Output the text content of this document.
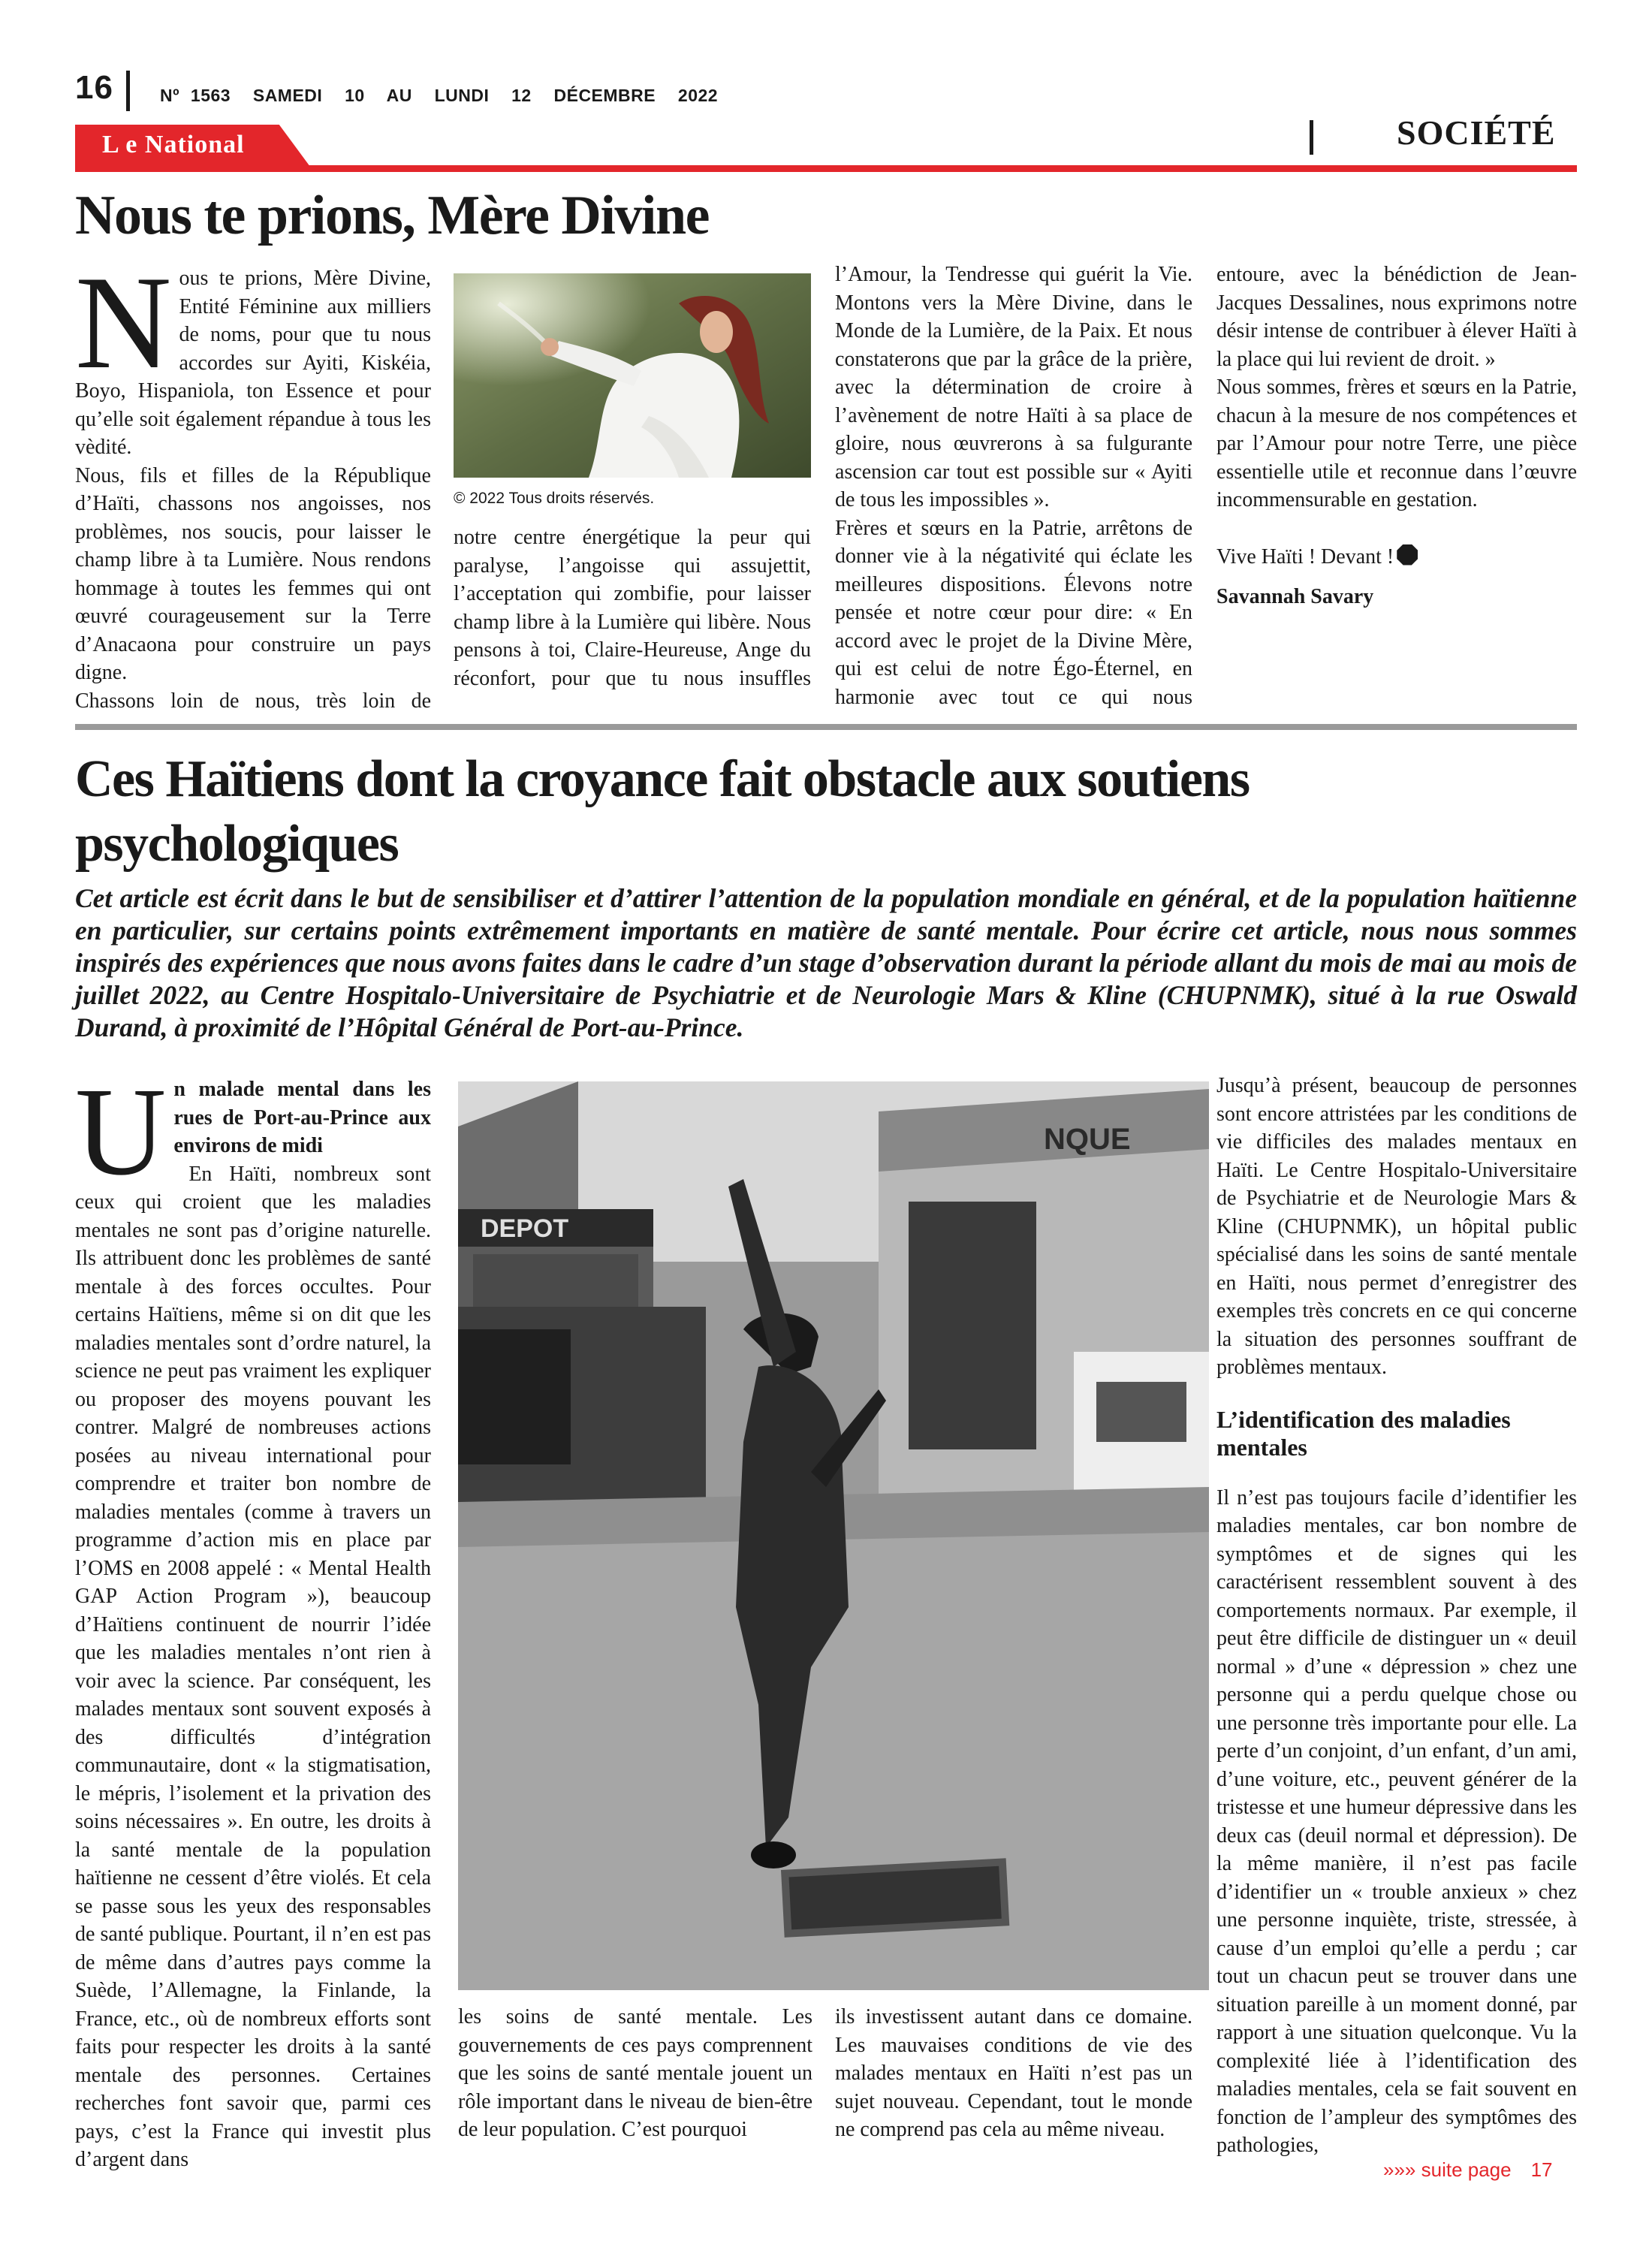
16	Nº 1563  SAMEDI  10  AU  LUNDI  12  DÉCEMBRE  2022
L e National	SOCIÉTÉ
Nous te prions, Mère Divine
N ous te prions, Mère Divine, Entité Féminine aux milliers de noms, pour que tu nous accordes sur Ayiti, Kiskéia, Boyo, Hispaniola, ton Essence et pour qu’elle soit également répandue à tous les vèdité.

Nous, fils et filles de la République d’Haïti, chassons nos angoisses, nos problèmes, nos soucis, pour laisser le champ libre à ta Lumière. Nous rendons hommage à toutes les femmes qui ont œuvré courageusement sur la Terre d’Anacaona pour construire un pays digne.

Chassons loin de nous, très loin de

© 2022 Tous droits réservés.

notre centre énergétique la peur qui paralyse, l’angoisse qui assujettit, l’acceptation qui zombifie, pour laisser champ libre à la Lumière qui libère. Nous pensons à toi, Claire-Heureuse, Ange du réconfort, pour que tu nous insuffles

l’Amour, la Tendresse qui guérit la Vie. Montons vers la Mère Divine, dans le Monde de la Lumière, de la Paix. Et nous constaterons que par la grâce de la prière, avec la détermination de croire à l’avènement de notre Haïti à sa place de gloire, nous œuvrerons à sa fulgurante ascension car tout est possible sur « Ayiti de tous les impossibles ».

Frères et sœurs en la Patrie, arrêtons de donner vie à la négativité qui éclate les meilleures dispositions. Élevons notre pensée et notre cœur pour dire: « En accord avec le projet de la Divine Mère, qui est celui de notre Égo-Éternel, en harmonie avec tout ce qui nous

entoure, avec la bénédiction de Jean-Jacques Dessalines, nous exprimons notre désir intense de contribuer à élever Haïti à la place qui lui revient de droit. »

Nous sommes, frères et sœurs en la Patrie, chacun à la mesure de nos compétences et par l’Amour pour notre Terre, une pièce essentielle utile et reconnue dans l’œuvre incommensurable en gestation.

Vive Haïti ! Devant !

Savannah Savary

Ces Haïtiens dont la croyance fait obstacle aux soutiens psychologiques

Cet article est écrit dans le but de sensibiliser et d’attirer l’attention de la population mondiale en général, et de la population haïtienne en particulier, sur certains points extrêmement importants en matière de santé mentale. Pour écrire cet article, nous nous sommes inspirés des expériences que nous avons faites dans le cadre d’un stage d’observation durant la période allant du mois de mai au mois de juillet 2022, au Centre Hospitalo-Universitaire de Psychiatrie et de Neurologie Mars & Kline (CHUPNMK), situé à la rue Oswald Durand, à proximité de l’Hôpital Général de Port-au-Prince.

U n malade mental dans les rues de Port-au-Prince aux environs de midi

En Haïti, nombreux sont ceux qui croient que les maladies mentales ne sont pas d’origine naturelle. Ils attribuent donc les problèmes de santé mentale à des forces occultes. Pour certains Haïtiens, même si on dit que les maladies mentales sont d’ordre naturel, la science ne peut pas vraiment les expliquer ou proposer des moyens pouvant les contrer. Malgré de nombreuses actions posées au niveau international pour comprendre et traiter bon nombre de maladies mentales (comme à travers un programme d’action mis en place par l’OMS en 2008 appelé : « Mental Health GAP Action Program »), beaucoup d’Haïtiens continuent de nourrir l’idée que les maladies mentales n’ont rien à voir avec la science. Par conséquent, les malades mentaux sont souvent exposés à des difficultés d’intégration communautaire, dont « la stigmatisation, le mépris, l’isolement et la privation des soins nécessaires ». En outre, les droits à la santé mentale de la population haïtienne ne cessent d’être violés. Et cela se passe sous les yeux des responsables de santé publique. Pourtant, il n’en est pas de même dans d’autres pays comme la Suède, l’Allemagne, la Finlande, la France, etc., où de nombreux efforts sont faits pour respecter les droits à la santé mentale des personnes. Certaines recherches font savoir que, parmi ces pays, c’est la France qui investit plus d’argent dans

DEPOT
NQUE

les soins de santé mentale. Les gouvernements de ces pays comprennent que les soins de santé mentale jouent un rôle important dans le niveau de bien-être de leur population. C’est pourquoi

ils investissent autant dans ce domaine. Les mauvaises conditions de vie des malades mentaux en Haïti n’est pas un sujet nouveau. Cependant, tout le monde ne comprend pas cela au même niveau.

Jusqu’à présent, beaucoup de personnes sont encore attristées par les conditions de vie difficiles des malades mentaux en Haïti. Le Centre Hospitalo-Universitaire de Psychiatrie et de Neurologie Mars & Kline (CHUPNMK), un hôpital public spécialisé dans les soins de santé mentale en Haïti, nous permet d’enregistrer des exemples très concrets en ce qui concerne la situation des personnes souffrant de problèmes mentaux.

L’identification des maladies mentales

Il n’est pas toujours facile d’identifier les maladies mentales, car bon nombre de symptômes et de signes qui les caractérisent ressemblent souvent à des comportements normaux. Par exemple, il peut être difficile de distinguer un « deuil normal » d’une « dépression » chez une personne qui a perdu quelque chose ou une personne très importante pour elle. La perte d’un conjoint, d’un enfant, d’un ami, d’une voiture, etc., peuvent générer de la tristesse et une humeur dépressive dans les deux cas (deuil normal et dépression). De la même manière, il n’est pas facile d’identifier un « trouble anxieux » chez une personne inquiète, triste, stressée, à cause d’un emploi qu’elle a perdu ; car tout un chacun peut se trouver dans une situation pareille à un moment donné, par rapport à une situation quelconque. Vu la complexité liée à l’identification des maladies mentales, cela se fait souvent en fonction de l’ampleur des symptômes des pathologies,

»»» suite page 17
